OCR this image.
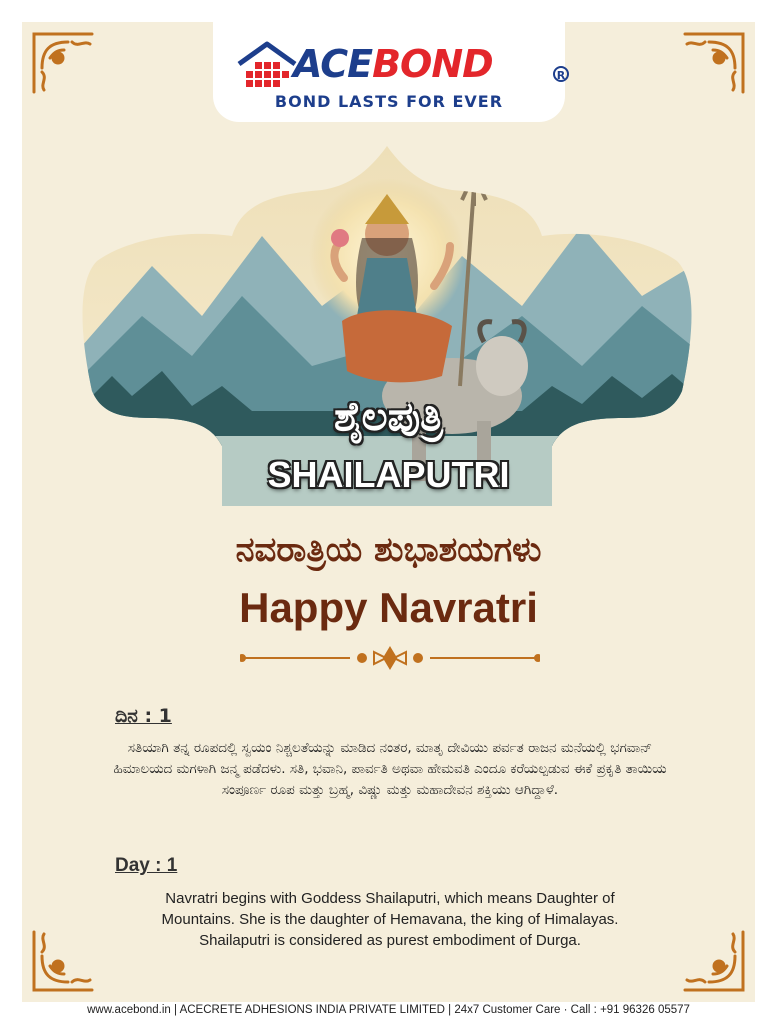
ACEBOND	R
BOND LASTS FOR EVER
ಶೈಲಪುತ್ರಿ
SHAILAPUTRI
ನವರಾತ್ರಿಯ ಶುಭಾಶಯಗಳು
Happy Navratri
ದಿನ : 1
ಸತಿಯಾಗಿ ತನ್ನ ರೂಪದಲ್ಲಿ ಸ್ವಯಂ ನಿಶ್ಚಲತೆಯನ್ನು ಮಾಡಿದ ನಂತರ, ಮಾತೃ ದೇವಿಯು ಪರ್ವತ ರಾಜನ ಮನೆಯಲ್ಲಿ ಭಗವಾನ್ ಹಿಮಾಲಯದ ಮಗಳಾಗಿ ಜನ್ಮ ಪಡೆದಳು. ಸತಿ, ಭವಾನಿ, ಪಾರ್ವತಿ ಅಥವಾ ಹೇಮವತಿ ಎಂದೂ ಕರೆಯಲ್ಪಡುವ ಈಕೆ ಪ್ರಕೃತಿ ತಾಯಿಯ ಸಂಪೂರ್ಣ ರೂಪ ಮತ್ತು ಬ್ರಹ್ಮ, ವಿಷ್ಣು ಮತ್ತು ಮಹಾದೇವನ ಶಕ್ತಿಯು ಆಗಿದ್ದಾಳೆ.
Day : 1
Navratri begins with Goddess Shailaputri, which means Daughter of Mountains. She is the daughter of Hemavana, the king of Himalayas. Shailaputri is considered as purest embodiment of Durga.
www.acebond.in | ACECRETE ADHESIONS INDIA PRIVATE LIMITED | 24x7 Customer Care · Call : +91 96326 05577
